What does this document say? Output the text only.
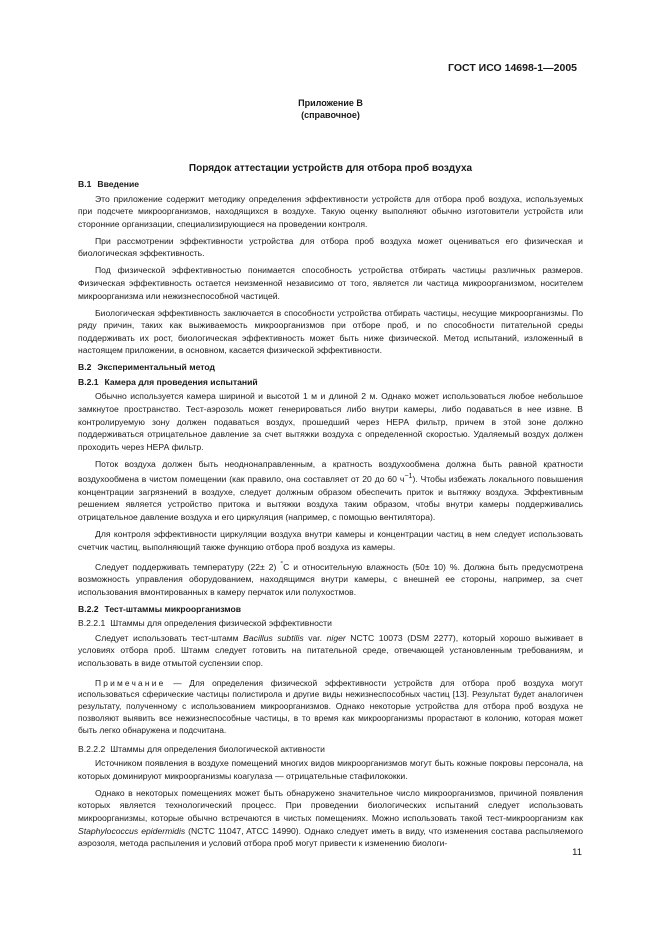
ГОСТ ИСО 14698-1—2005
Приложение В
(справочное)
Порядок аттестации устройств для отбора проб воздуха

В.1 Введение

Это приложение содержит методику определения эффективности устройств для отбора проб воздуха, используемых при подсчете микроорганизмов, находящихся в воздухе. Такую оценку выполняют обычно изготовители устройств или сторонние организации, специализирующиеся на проведении контроля.

При рассмотрении эффективности устройства для отбора проб воздуха может оцениваться его физическая и биологическая эффективность.

Под физической эффективностью понимается способность устройства отбирать частицы различных размеров. Физическая эффективность остается неизменной независимо от того, является ли частица микроорганизмом, носителем микроорганизма или нежизнеспособной частицей.

Биологическая эффективность заключается в способности устройства отбирать частицы, несущие микроорганизмы. По ряду причин, таких как выживаемость микроорганизмов при отборе проб, и по способности питательной среды поддерживать их рост, биологическая эффективность может быть ниже физической. Метод испытаний, изложенный в настоящем приложении, в основном, касается физической эффективности.

В.2 Экспериментальный метод

В.2.1 Камера для проведения испытаний

Обычно используется камера шириной и высотой 1 м и длиной 2 м. Однако может использоваться любое небольшое замкнутое пространство. Тест-аэрозоль может генерироваться либо внутри камеры, либо подаваться в нее извне. В контролируемую зону должен подаваться воздух, прошедший через НЕРА фильтр, причем в этой зоне должно поддерживаться отрицательное давление за счет вытяжки воздуха с определенной скоростью. Удаляемый воздух должен проходить через НЕРА фильтр.

Поток воздуха должен быть неоднонаправленным, а кратность воздухообмена должна быть равной кратности воздухообмена в чистом помещении (как правило, она составляет от 20 до 60 $ч^{-1}$). Чтобы избежать локального повышения концентрации загрязнений в воздухе, следует должным образом обеспечить приток и вытяжку воздуха. Эффективным решением является устройство притока и вытяжки воздуха таким образом, чтобы внутри камеры поддерживались отрицательное давление воздуха и его циркуляция (например, с помощью вентилятора).

Для контроля эффективности циркуляции воздуха внутри камеры и концентрации частиц в нем следует использовать счетчик частиц, выполняющий также функцию отбора проб воздуха из камеры.

Следует поддерживать температуру (22± 2) °С и относительную влажность (50± 10) %. Должна быть предусмотрена возможность управления оборудованием, находящимся внутри камеры, с внешней ее стороны, например, за счет использования вмонтированных в камеру перчаток или полухостмов.

В.2.2 Тест-штаммы микроорганизмов

В.2.2.1 Штаммы для определения физической эффективности

Следует использовать тест-штамм Bacillus subtilis var. niger NCTC 10073 (DSM 2277), который хорошо выживает в условиях отбора проб. Штамм следует готовить на питательной среде, отвечающей установленным требованиям, и использовать в виде отмытой суспензии спор.

Примечание — Для определения физической эффективности устройств для отбора проб воздуха могут использоваться сферические частицы полистирола и другие виды нежизнеспособных частиц [13]. Результат будет аналогичен результату, полученному с использованием микроорганизмов. Однако некоторые устройства для отбора проб воздуха не позволяют выявить все нежизнеспособные частицы, в то время как микроорганизмы прорастают в колонию, которая может быть легко обнаружена и подсчитана.

В.2.2.2 Штаммы для определения биологической активности

Источником появления в воздухе помещений многих видов микроорганизмов могут быть кожные покровы персонала, на которых доминируют микроорганизмы коагулаза — отрицательные стафилококки.

Однако в некоторых помещениях может быть обнаружено значительное число микроорганизмов, причиной появления которых является технологический процесс. При проведении биологических испытаний следует использовать микроорганизмы, которые обычно встречаются в чистых помещениях. Можно использовать такой тест-микроорганизм как Staphylococcus epidermidis (NCTC 11047, ATCC 14990). Однако следует иметь в виду, что изменения состава распыляемого аэрозоля, метода распыления и условий отбора проб могут привести к изменению биологи-

11
